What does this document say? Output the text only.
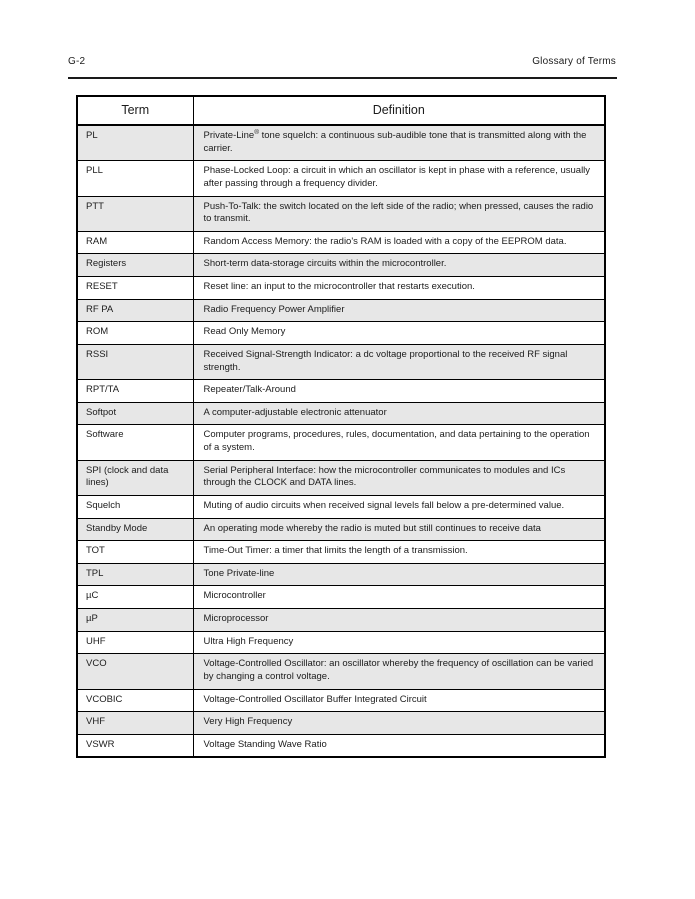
G-2	Glossary of Terms
Term	Definition
PL	Private-Line® tone squelch: a continuous sub-audible tone that is transmitted along with the carrier.
PLL	Phase-Locked Loop: a circuit in which an oscillator is kept in phase with a reference, usually after passing through a frequency divider.
PTT	Push-To-Talk: the switch located on the left side of the radio; when pressed, causes the radio to transmit.
RAM	Random Access Memory: the radio's RAM is loaded with a copy of the EEPROM data.
Registers	Short-term data-storage circuits within the microcontroller.
RESET	Reset line: an input to the microcontroller that restarts execution.
RF PA	Radio Frequency Power Amplifier
ROM	Read Only Memory
RSSI	Received Signal-Strength Indicator: a dc voltage proportional to the received RF signal strength.
RPT/TA	Repeater/Talk-Around
Softpot	A computer-adjustable electronic attenuator
Software	Computer programs, procedures, rules, documentation, and data pertaining to the operation of a system.
SPI (clock and data lines)	Serial Peripheral Interface: how the microcontroller communicates to modules and ICs through the CLOCK and DATA lines.
Squelch	Muting of audio circuits when received signal levels fall below a pre-determined value.
Standby Mode	An operating mode whereby the radio is muted but still continues to receive data
TOT	Time-Out Timer: a timer that limits the length of a transmission.
TPL	Tone Private-line
µC	Microcontroller
µP	Microprocessor
UHF	Ultra High Frequency
VCO	Voltage-Controlled Oscillator: an oscillator whereby the frequency of oscillation can be varied by changing a control voltage.
VCOBIC	Voltage-Controlled Oscillator Buffer Integrated Circuit
VHF	Very High Frequency
VSWR	Voltage Standing Wave Ratio
